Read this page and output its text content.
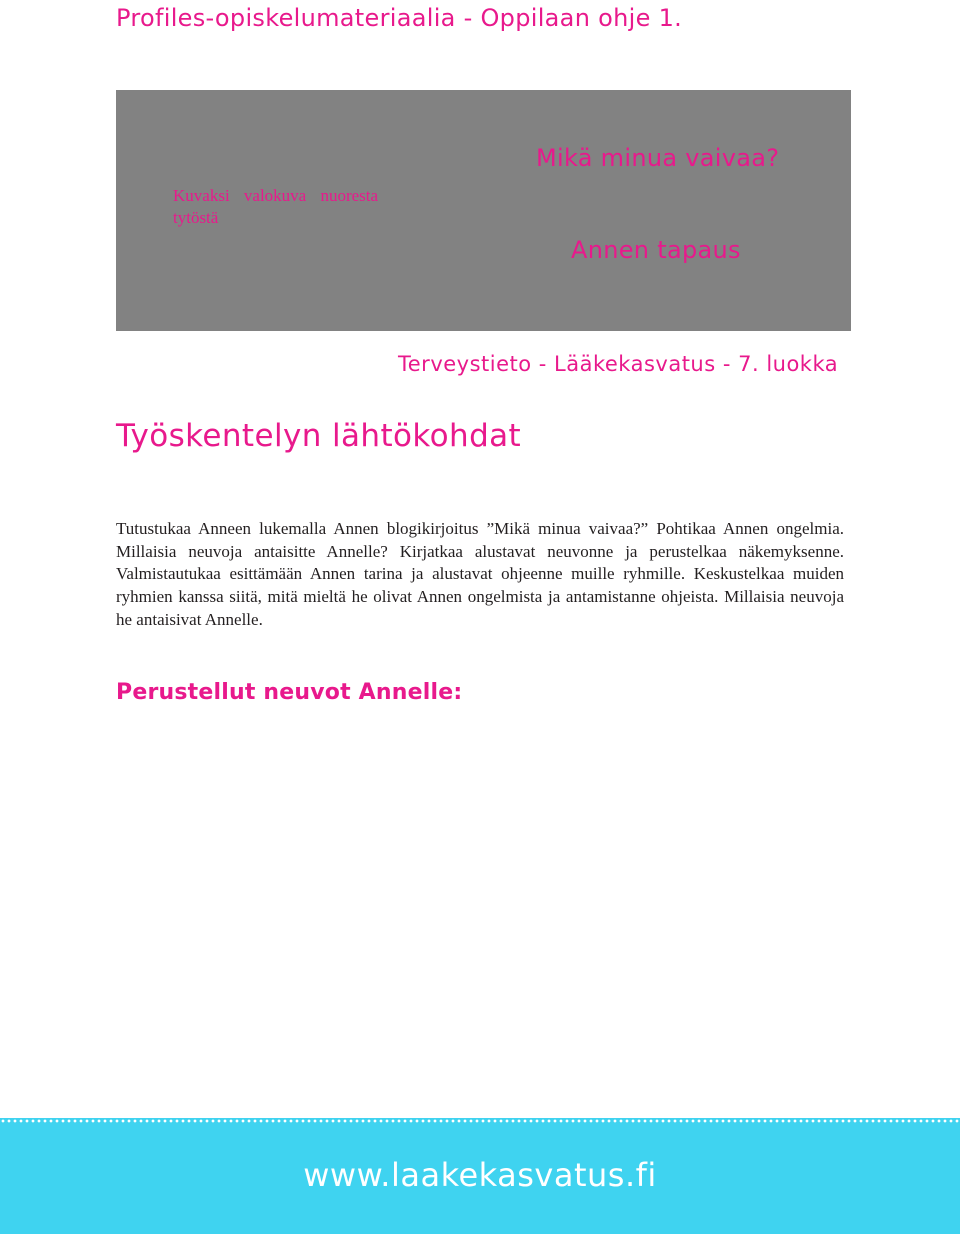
Profiles-opiskelumateriaalia - Oppilaan ohje 1.

Kuvaksi valokuva nuoresta tytöstä

Mikä minua vaivaa?
Annen tapaus

Terveystieto - Lääkekasvatus - 7. luokka

Työskentelyn lähtökohdat

Tutustukaa Anneen lukemalla Annen blogikirjoitus ”Mikä minua vaivaa?” Pohtikaa Annen ongelmia. Millaisia neuvoja antaisitte Annelle? Kirjatkaa alustavat neuvonne ja perustelkaa näkemyksenne. Valmistautukaa esittämään Annen tarina ja alustavat ohjeenne muille ryhmille. Keskustelkaa muiden ryhmien kanssa siitä, mitä mieltä he olivat Annen ongelmista ja antamistanne ohjeista. Millaisia neuvoja he antaisivat Annelle.

Perustellut neuvot Annelle:

www.laakekasvatus.fi
